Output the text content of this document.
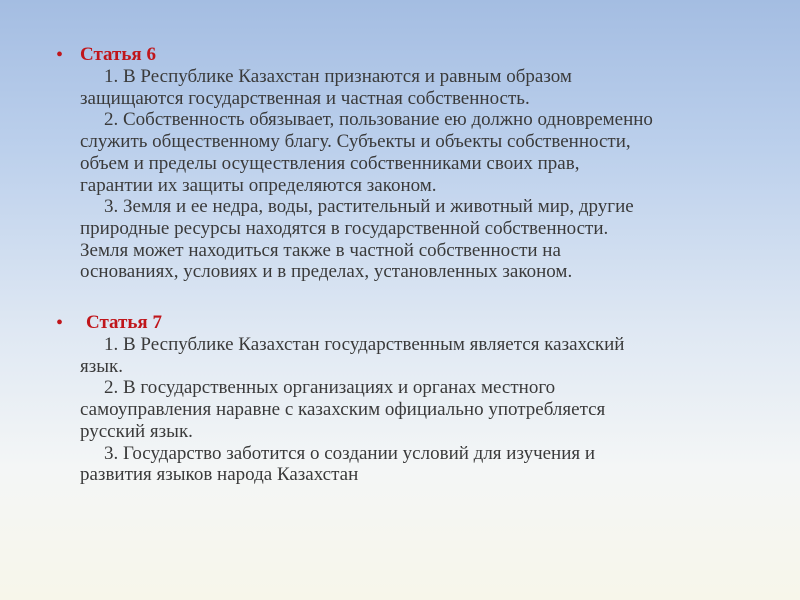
• Статья 6
1. В Республике Казахстан признаются и равным образом
защищаются государственная и частная собственность.
2. Собственность обязывает, пользование ею должно одновременно
служить общественному благу. Субъекты и объекты собственности,
объем и пределы осуществления собственниками своих прав,
гарантии их защиты определяются законом.
3. Земля и ее недра, воды, растительный и животный мир, другие
природные ресурсы находятся в государственной собственности.
Земля может находиться также в частной собственности на
основаниях, условиях и в пределах, установленных законом.
• Статья 7
1. В Республике Казахстан государственным является казахский
язык.
2. В государственных организациях и органах местного
самоуправления наравне с казахским официально употребляется
русский язык.
3. Государство заботится о создании условий для изучения и
развития языков народа Казахстан
